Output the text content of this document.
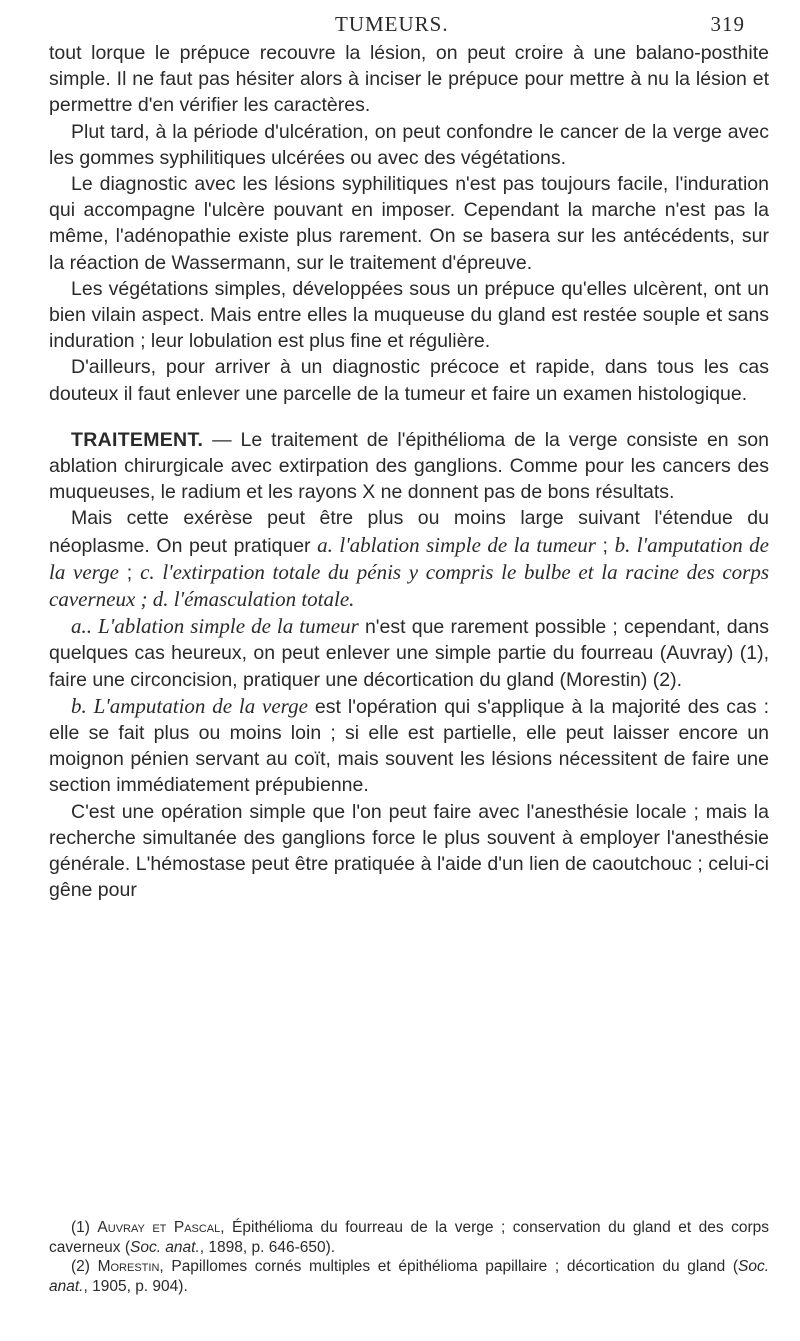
TUMEURS.	319

tout lorque le prépuce recouvre la lésion, on peut croire à une balano-posthite simple. Il ne faut pas hésiter alors à inciser le prépuce pour mettre à nu la lésion et permettre d'en vérifier les caractères.

Plut tard, à la période d'ulcération, on peut confondre le cancer de la verge avec les gommes syphilitiques ulcérées ou avec des végétations.

Le diagnostic avec les lésions syphilitiques n'est pas toujours facile, l'induration qui accompagne l'ulcère pouvant en imposer. Cependant la marche n'est pas la même, l'adénopathie existe plus rarement. On se basera sur les antécédents, sur la réaction de Wassermann, sur le traitement d'épreuve.

Les végétations simples, développées sous un prépuce qu'elles ulcèrent, ont un bien vilain aspect. Mais entre elles la muqueuse du gland est restée souple et sans induration ; leur lobulation est plus fine et régulière.

D'ailleurs, pour arriver à un diagnostic précoce et rapide, dans tous les cas douteux il faut enlever une parcelle de la tumeur et faire un examen histologique.

TRAITEMENT. — Le traitement de l'épithélioma de la verge consiste en son ablation chirurgicale avec extirpation des ganglions. Comme pour les cancers des muqueuses, le radium et les rayons X ne donnent pas de bons résultats.

Mais cette exérèse peut être plus ou moins large suivant l'étendue du néoplasme. On peut pratiquer a. l'ablation simple de la tumeur ; b. l'amputation de la verge ; c. l'extirpation totale du pénis y compris le bulbe et la racine des corps caverneux ; d. l'émasculation totale.

a.. L'ablation simple de la tumeur n'est que rarement possible ; cependant, dans quelques cas heureux, on peut enlever une simple partie du fourreau (Auvray) (1), faire une circoncision, pratiquer une décortication du gland (Morestin) (2).

b. L'amputation de la verge est l'opération qui s'applique à la majorité des cas : elle se fait plus ou moins loin ; si elle est partielle, elle peut laisser encore un moignon pénien servant au coït, mais souvent les lésions nécessitent de faire une section immédiatement prépubienne.

C'est une opération simple que l'on peut faire avec l'anesthésie locale ; mais la recherche simultanée des ganglions force le plus souvent à employer l'anesthésie générale. L'hémostase peut être pratiquée à l'aide d'un lien de caoutchouc ; celui-ci gêne pour

(1) Auvray et Pascal, Épithélioma du fourreau de la verge ; conservation du gland et des corps caverneux (Soc. anat., 1898, p. 646-650).

(2) Morestin, Papillomes cornés multiples et épithélioma papillaire ; décortication du gland (Soc. anat., 1905, p. 904).
